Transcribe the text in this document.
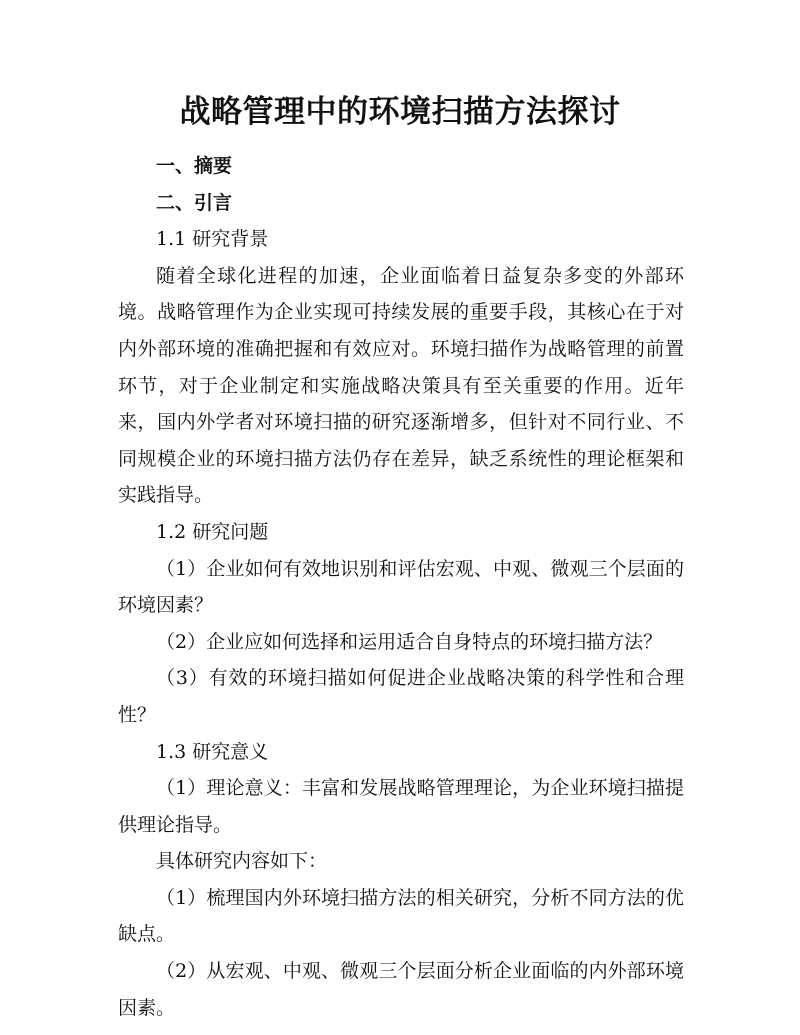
战略管理中的环境扫描方法探讨

一、摘要

二、引言

1.1 研究背景

随着全球化进程的加速，企业面临着日益复杂多变的外部环境。战略管理作为企业实现可持续发展的重要手段，其核心在于对内外部环境的准确把握和有效应对。环境扫描作为战略管理的前置环节，对于企业制定和实施战略决策具有至关重要的作用。近年来，国内外学者对环境扫描的研究逐渐增多，但针对不同行业、不同规模企业的环境扫描方法仍存在差异，缺乏系统性的理论框架和实践指导。

1.2 研究问题

（1）企业如何有效地识别和评估宏观、中观、微观三个层面的环境因素？

（2）企业应如何选择和运用适合自身特点的环境扫描方法？

（3）有效的环境扫描如何促进企业战略决策的科学性和合理性？

1.3 研究意义

（1）理论意义：丰富和发展战略管理理论，为企业环境扫描提供理论指导。

具体研究内容如下：

（1）梳理国内外环境扫描方法的相关研究，分析不同方法的优缺点。

（2）从宏观、中观、微观三个层面分析企业面临的内外部环境因素。
